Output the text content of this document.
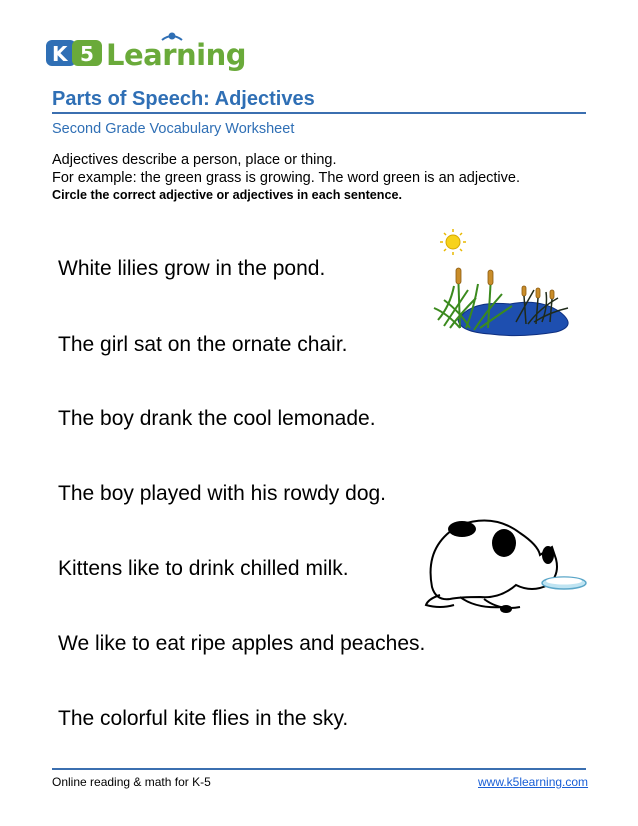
K 5 Learning
Parts of Speech: Adjectives
Second Grade Vocabulary Worksheet
Adjectives describe a person, place or thing.
For example: the green grass is growing. The word green is an adjective.
Circle the correct adjective or adjectives in each sentence.
White lilies grow in the pond.
The girl sat on the ornate chair.
The boy drank the cool lemonade.
The boy played with his rowdy dog.
Kittens like to drink chilled milk.
We like to eat ripe apples and peaches.
The colorful kite flies in the sky.
Online reading & math for K-5	www.k5learning.com
